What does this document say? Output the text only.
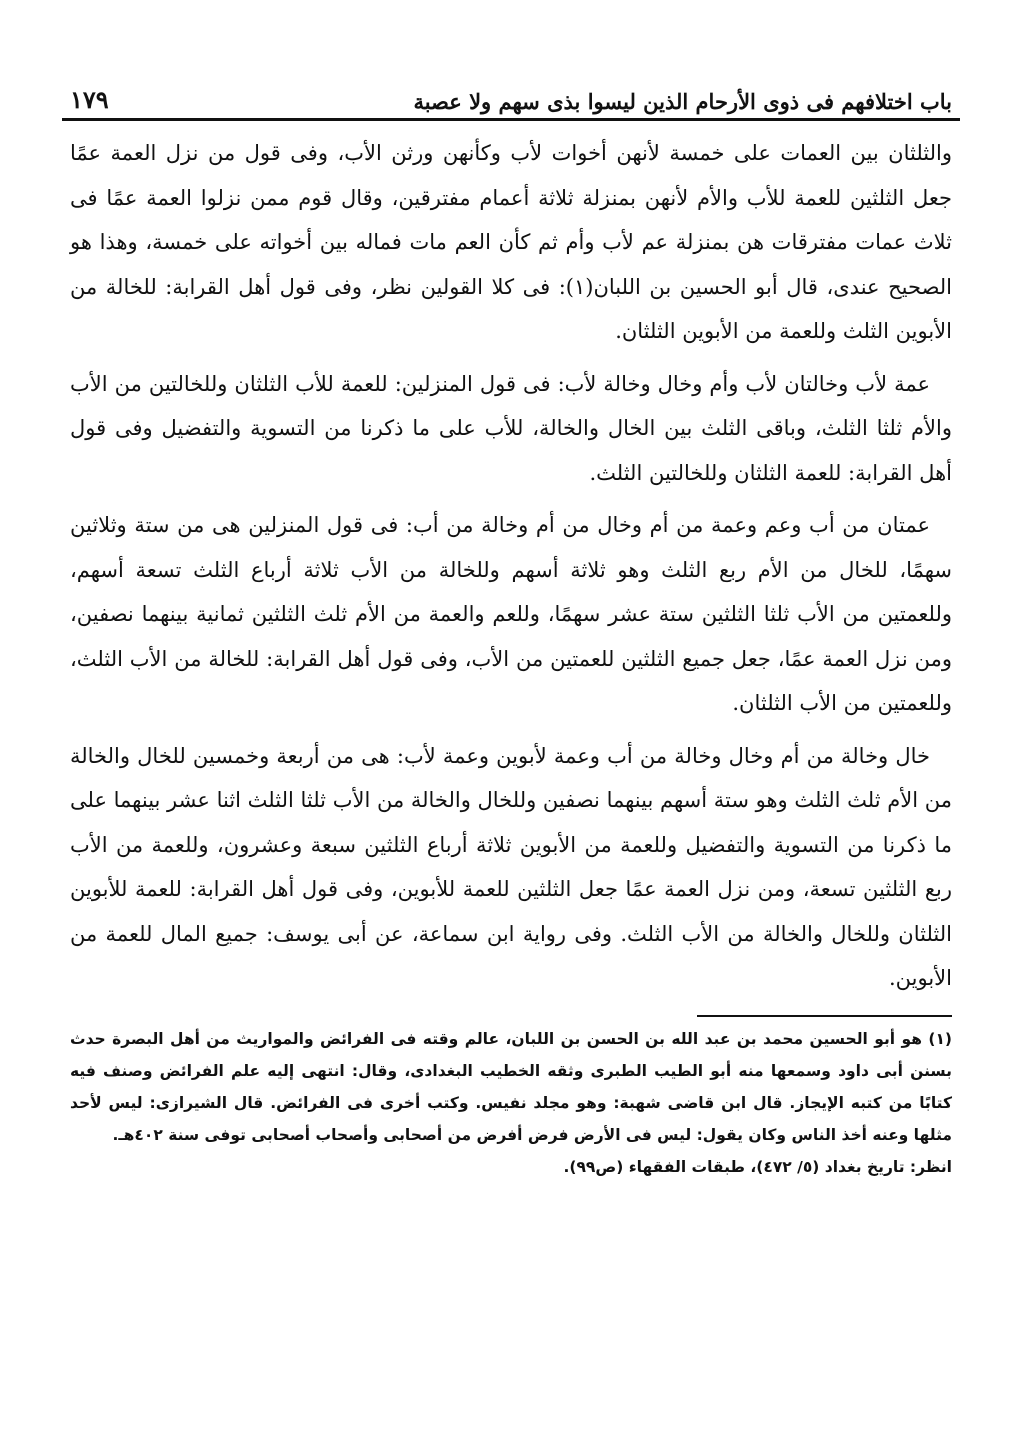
باب اختلافهم فى ذوى الأرحام الذين ليسوا بذى سهم ولا عصبة
١٧٩

والثلثان بين العمات على خمسة لأنهن أخوات لأب وكأنهن ورثن الأب، وفى قول من نزل العمة عمًا جعل الثلثين للعمة للأب والأم لأنهن بمنزلة ثلاثة أعمام مفترقين، وقال قوم ممن نزلوا العمة عمًا فى ثلاث عمات مفترقات هن بمنزلة عم لأب وأم ثم كأن العم مات فماله بين أخواته على خمسة، وهذا هو الصحيح عندى، قال أبو الحسين بن اللبان(١): فى كلا القولين نظر، وفى قول أهل القرابة: للخالة من الأبوين الثلث وللعمة من الأبوين الثلثان.

عمة لأب وخالتان لأب وأم وخال وخالة لأب: فى قول المنزلين: للعمة للأب الثلثان وللخالتين من الأب والأم ثلثا الثلث، وباقى الثلث بين الخال والخالة، للأب على ما ذكرنا من التسوية والتفضيل وفى قول أهل القرابة: للعمة الثلثان وللخالتين الثلث.

عمتان من أب وعم وعمة من أم وخال من أم وخالة من أب: فى قول المنزلين هى من ستة وثلاثين سهمًا، للخال من الأم ربع الثلث وهو ثلاثة أسهم وللخالة من الأب ثلاثة أرباع الثلث تسعة أسهم، وللعمتين من الأب ثلثا الثلثين ستة عشر سهمًا، وللعم والعمة من الأم ثلث الثلثين ثمانية بينهما نصفين، ومن نزل العمة عمًا، جعل جميع الثلثين للعمتين من الأب، وفى قول أهل القرابة: للخالة من الأب الثلث، وللعمتين من الأب الثلثان.

خال وخالة من أم وخال وخالة من أب وعمة لأبوين وعمة لأب: هى من أربعة وخمسين للخال والخالة من الأم ثلث الثلث وهو ستة أسهم بينهما نصفين وللخال والخالة من الأب ثلثا الثلث اثنا عشر بينهما على ما ذكرنا من التسوية والتفضيل وللعمة من الأبوين ثلاثة أرباع الثلثين سبعة وعشرون، وللعمة من الأب ربع الثلثين تسعة، ومن نزل العمة عمًا جعل الثلثين للعمة للأبوين، وفى قول أهل القرابة: للعمة للأبوين الثلثان وللخال والخالة من الأب الثلث. وفى رواية ابن سماعة، عن أبى يوسف: جميع المال للعمة من الأبوين.

(١) هو أبو الحسين محمد بن عبد الله بن الحسن بن اللبان، عالم وقته فى الفرائض والمواريث من أهل البصرة حدث بسنن أبى داود وسمعها منه أبو الطيب الطبرى وثقه الخطيب البغدادى، وقال: انتهى إليه علم الفرائض وصنف فيه كتابًا من كتبه الإيجاز. قال ابن قاضى شهبة: وهو مجلد نفيس. وكتب أخرى فى الفرائض. قال الشيرازى: ليس لأحد مثلها وعنه أخذ الناس وكان يقول: ليس فى الأرض فرض أفرض من أصحابى وأصحاب أصحابى توفى سنة ٤٠٢هـ.

انظر: تاريخ بغداد (٥/ ٤٧٢)، طبقات الفقهاء (ص٩٩).
